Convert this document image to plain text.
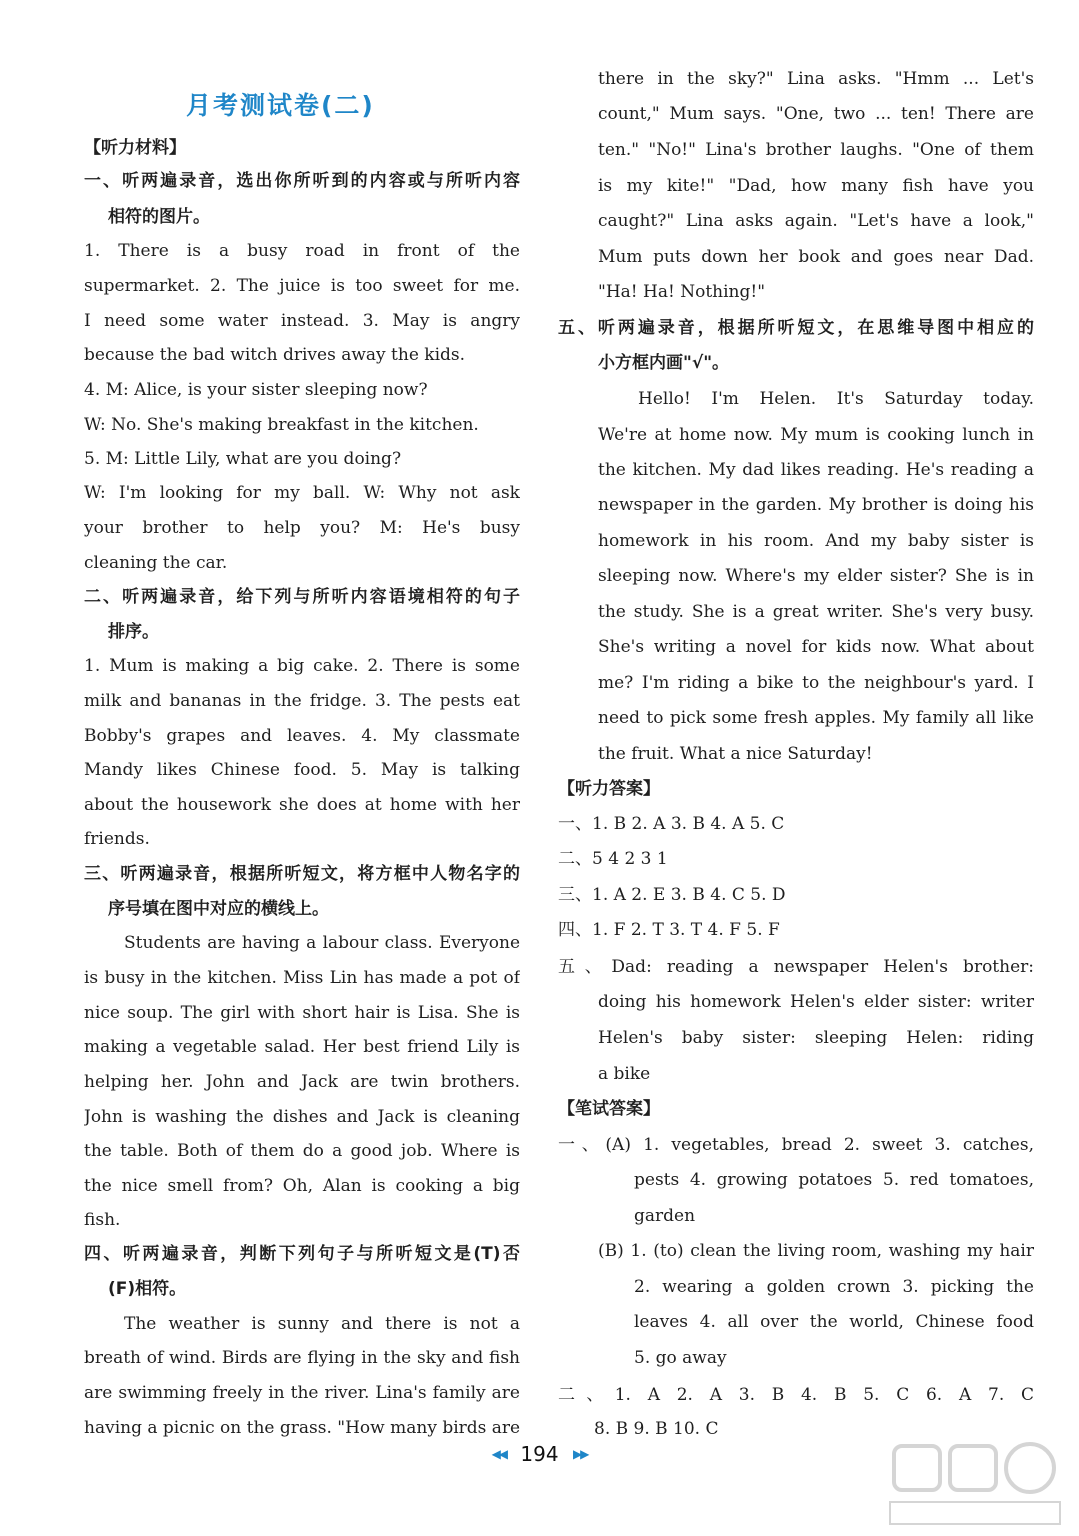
月考测试卷(二)
【听力材料】
一、听两遍录音，选出你所听到的内容或与所听内容
相符的图片。
1. There is a busy road in front of the
supermarket. 2. The juice is too sweet for me.
I need some water instead. 3. May is angry
because the bad witch drives away the kids.
4. M: Alice, is your sister sleeping now?
W: No. She's making breakfast in the kitchen.
5. M: Little Lily, what are you doing?
W: I'm looking for my ball. W: Why not ask
your brother to help you? M: He's busy
cleaning the car.
二、听两遍录音，给下列与所听内容语境相符的句子
排序。
1. Mum is making a big cake. 2. There is some
milk and bananas in the fridge. 3. The pests eat
Bobby's grapes and leaves. 4. My classmate
Mandy likes Chinese food. 5. May is talking
about the housework she does at home with her
friends.
三、听两遍录音，根据所听短文，将方框中人物名字的
序号填在图中对应的横线上。
Students are having a labour class. Everyone
is busy in the kitchen. Miss Lin has made a pot of
nice soup. The girl with short hair is Lisa. She is
making a vegetable salad. Her best friend Lily is
helping her. John and Jack are twin brothers.
John is washing the dishes and Jack is cleaning
the table. Both of them do a good job. Where is
the nice smell from? Oh, Alan is cooking a big
fish.
四、听两遍录音，判断下列句子与所听短文是(T)否
(F)相符。
The weather is sunny and there is not a
breath of wind. Birds are flying in the sky and fish
are swimming freely in the river. Lina's family are
having a picnic on the grass. "How many birds are
there in the sky?" Lina asks. "Hmm ... Let's
count," Mum says. "One, two ... ten! There are
ten." "No!" Lina's brother laughs. "One of them
is my kite!" "Dad, how many fish have you
caught?" Lina asks again. "Let's have a look,"
Mum puts down her book and goes near Dad.
"Ha! Ha! Nothing!"
五、听两遍录音，根据所听短文，在思维导图中相应的
小方框内画"√"。
Hello! I'm Helen. It's Saturday today.
We're at home now. My mum is cooking lunch in
the kitchen. My dad likes reading. He's reading a
newspaper in the garden. My brother is doing his
homework in his room. And my baby sister is
sleeping now. Where's my elder sister? She is in
the study. She is a great writer. She's very busy.
She's writing a novel for kids now. What about
me? I'm riding a bike to the neighbour's yard. I
need to pick some fresh apples. My family all like
the fruit. What a nice Saturday!
【听力答案】
一、1. B 2. A 3. B 4. A 5. C
二、5 4 2 3 1
三、1. A 2. E 3. B 4. C 5. D
四、1. F 2. T 3. T 4. F 5. F
五、Dad: reading a newspaper Helen's brother:
doing his homework Helen's elder sister: writer
Helen's baby sister: sleeping Helen: riding
a bike
【笔试答案】
一、(A) 1. vegetables, bread 2. sweet 3. catches,
pests 4. growing potatoes 5. red tomatoes,
garden
(B) 1. (to) clean the living room, washing my hair
2. wearing a golden crown 3. picking the
leaves 4. all over the world, Chinese food
5. go away
二、1. A 2. A 3. B 4. B 5. C 6. A 7. C
8. B 9. B 10. C
◀◀ 194 ▶▶
